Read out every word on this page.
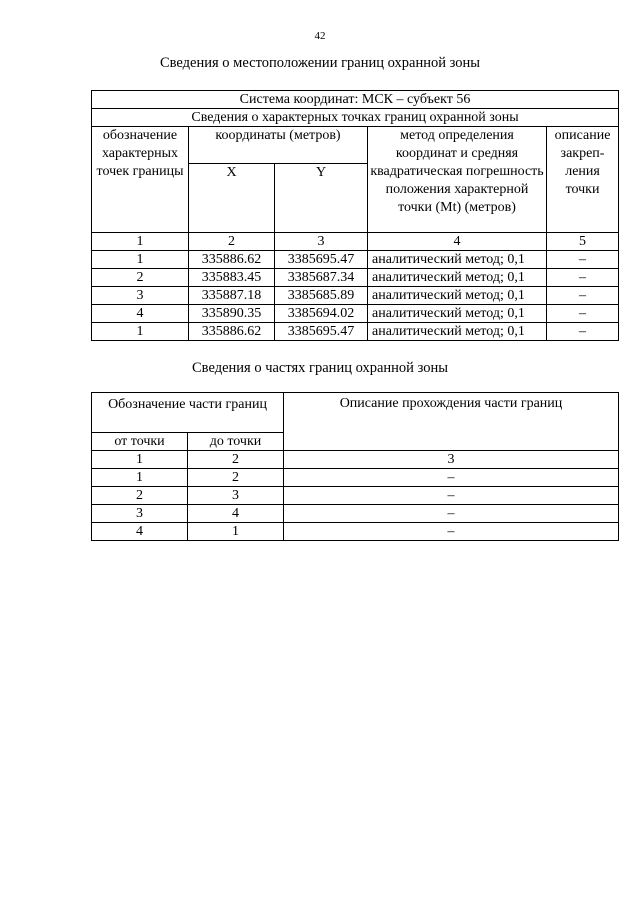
42
Сведения о местоположении границ охранной зоны
Система координат: МСК – субъект 56				
Сведения о характерных точках границ охранной зоны				
обозначение характерных точек границы	координаты (метров)		метод определения координат и средняя квадратическая погрешность положения характерной точки (Mt) (метров)	описание закреп-ления точки
	X	Y		
1	2	3	4	5
1	335886.62	3385695.47	аналитический метод; 0,1	–
2	335883.45	3385687.34	аналитический метод; 0,1	–
3	335887.18	3385685.89	аналитический метод; 0,1	–
4	335890.35	3385694.02	аналитический метод; 0,1	–
1	335886.62	3385695.47	аналитический метод; 0,1	–
Сведения о частях границ охранной зоны
Обозначение части границ		Описание прохождения части границ
от точки	до точки	
1	2	3
1	2	–
2	3	–
3	4	–
4	1	–
